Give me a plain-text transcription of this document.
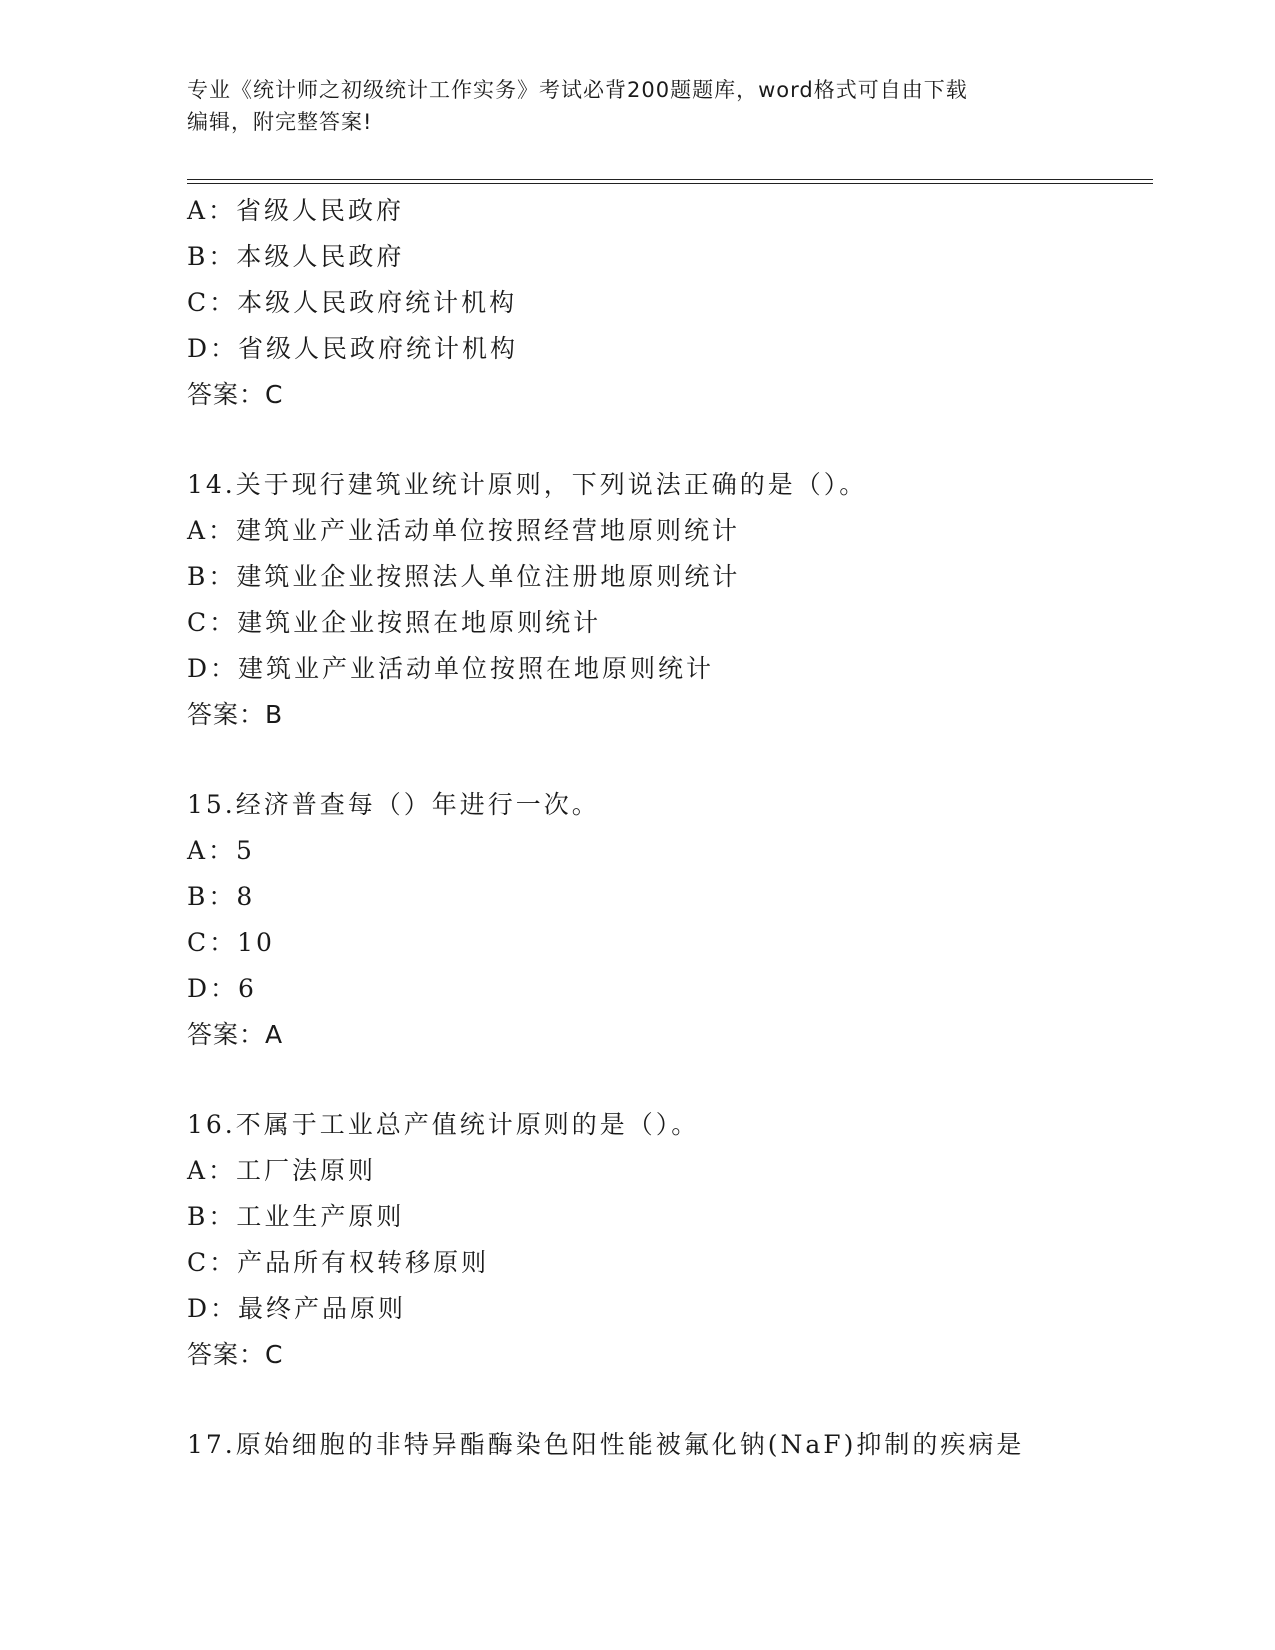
专业《统计师之初级统计工作实务》考试必背200题题库，word格式可自由下载
编辑，附完整答案!
A：省级人民政府
B：本级人民政府
C：本级人民政府统计机构
D：省级人民政府统计机构
答案：C
14.关于现行建筑业统计原则，下列说法正确的是（）。
A：建筑业产业活动单位按照经营地原则统计
B：建筑业企业按照法人单位注册地原则统计
C：建筑业企业按照在地原则统计
D：建筑业产业活动单位按照在地原则统计
答案：B
15.经济普查每（）年进行一次。
A：5
B：8
C：10
D：6
答案：A
16.不属于工业总产值统计原则的是（）。
A：工厂法原则
B：工业生产原则
C：产品所有权转移原则
D：最终产品原则
答案：C
17.原始细胞的非特异酯酶染色阳性能被氟化钠(NaF)抑制的疾病是
